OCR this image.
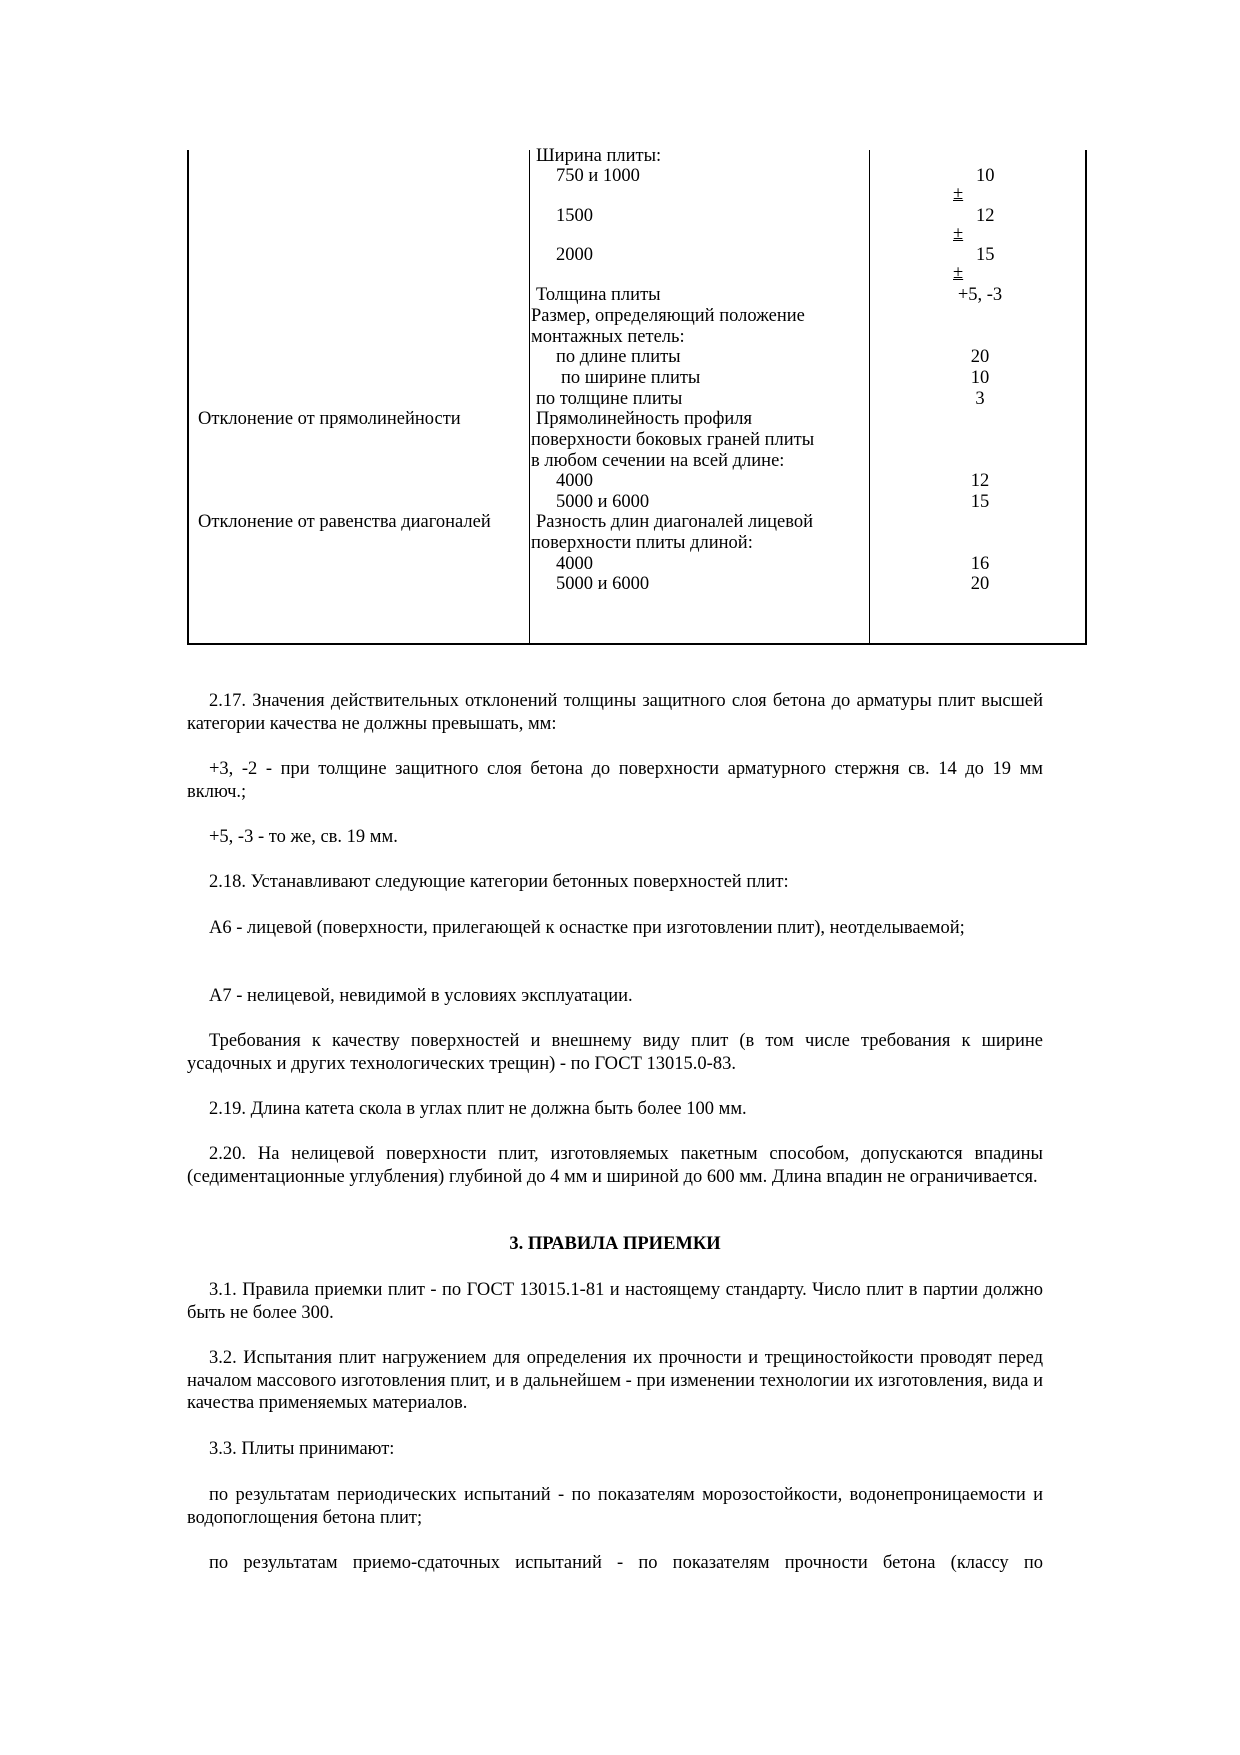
Ширина плиты:
750 и 1000
1500
2000
Толщина плиты
Размер, определяющий положение
монтажных петель:
по длине плиты
по ширине плиты
по толщине плиты
Прямолинейность профиля
поверхности боковых граней плиты
в любом сечении на всей длине:
4000
5000 и 6000
Разность длин диагоналей лицевой
поверхности плиты длиной:
4000
5000 и 6000
Отклонение от прямолинейности
Отклонение от равенства диагоналей
10
±
12
±
15
±
+5, -3
20
10
3
12
15
16
20
2.17. Значения действительных отклонений толщины защитного слоя бетона до арматуры плит высшей категории качества не должны превышать, мм:
+3, -2 - при толщине защитного слоя бетона до поверхности арматурного стержня св. 14 до 19 мм включ.;
+5, -3 - то же, св. 19 мм.
2.18. Устанавливают следующие категории бетонных поверхностей плит:
А6 - лицевой (поверхности, прилегающей к оснастке при изготовлении плит), неотделываемой;
А7 - нелицевой, невидимой в условиях эксплуатации.
Требования к качеству поверхностей и внешнему виду плит (в том числе требования к ширине усадочных и других технологических трещин) - по ГОСТ 13015.0-83.
2.19. Длина катета скола в углах плит не должна быть более 100 мм.
2.20. На нелицевой поверхности плит, изготовляемых пакетным способом, допускаются впадины (седиментационные углубления) глубиной до 4 мм и шириной до 600 мм. Длина впадин не ограничивается.
3. ПРАВИЛА ПРИЕМКИ
3.1. Правила приемки плит - по ГОСТ 13015.1-81 и настоящему стандарту. Число плит в партии должно быть не более 300.
3.2. Испытания плит нагружением для определения их прочности и трещиностойкости проводят перед началом массового изготовления плит, и в дальнейшем - при изменении технологии их изготовления, вида и качества применяемых материалов.
3.3. Плиты принимают:
по результатам периодических испытаний - по показателям морозостойкости, водонепроницаемости и водопоглощения бетона плит;
по результатам приемо-сдаточных испытаний - по показателям прочности бетона (классу по
